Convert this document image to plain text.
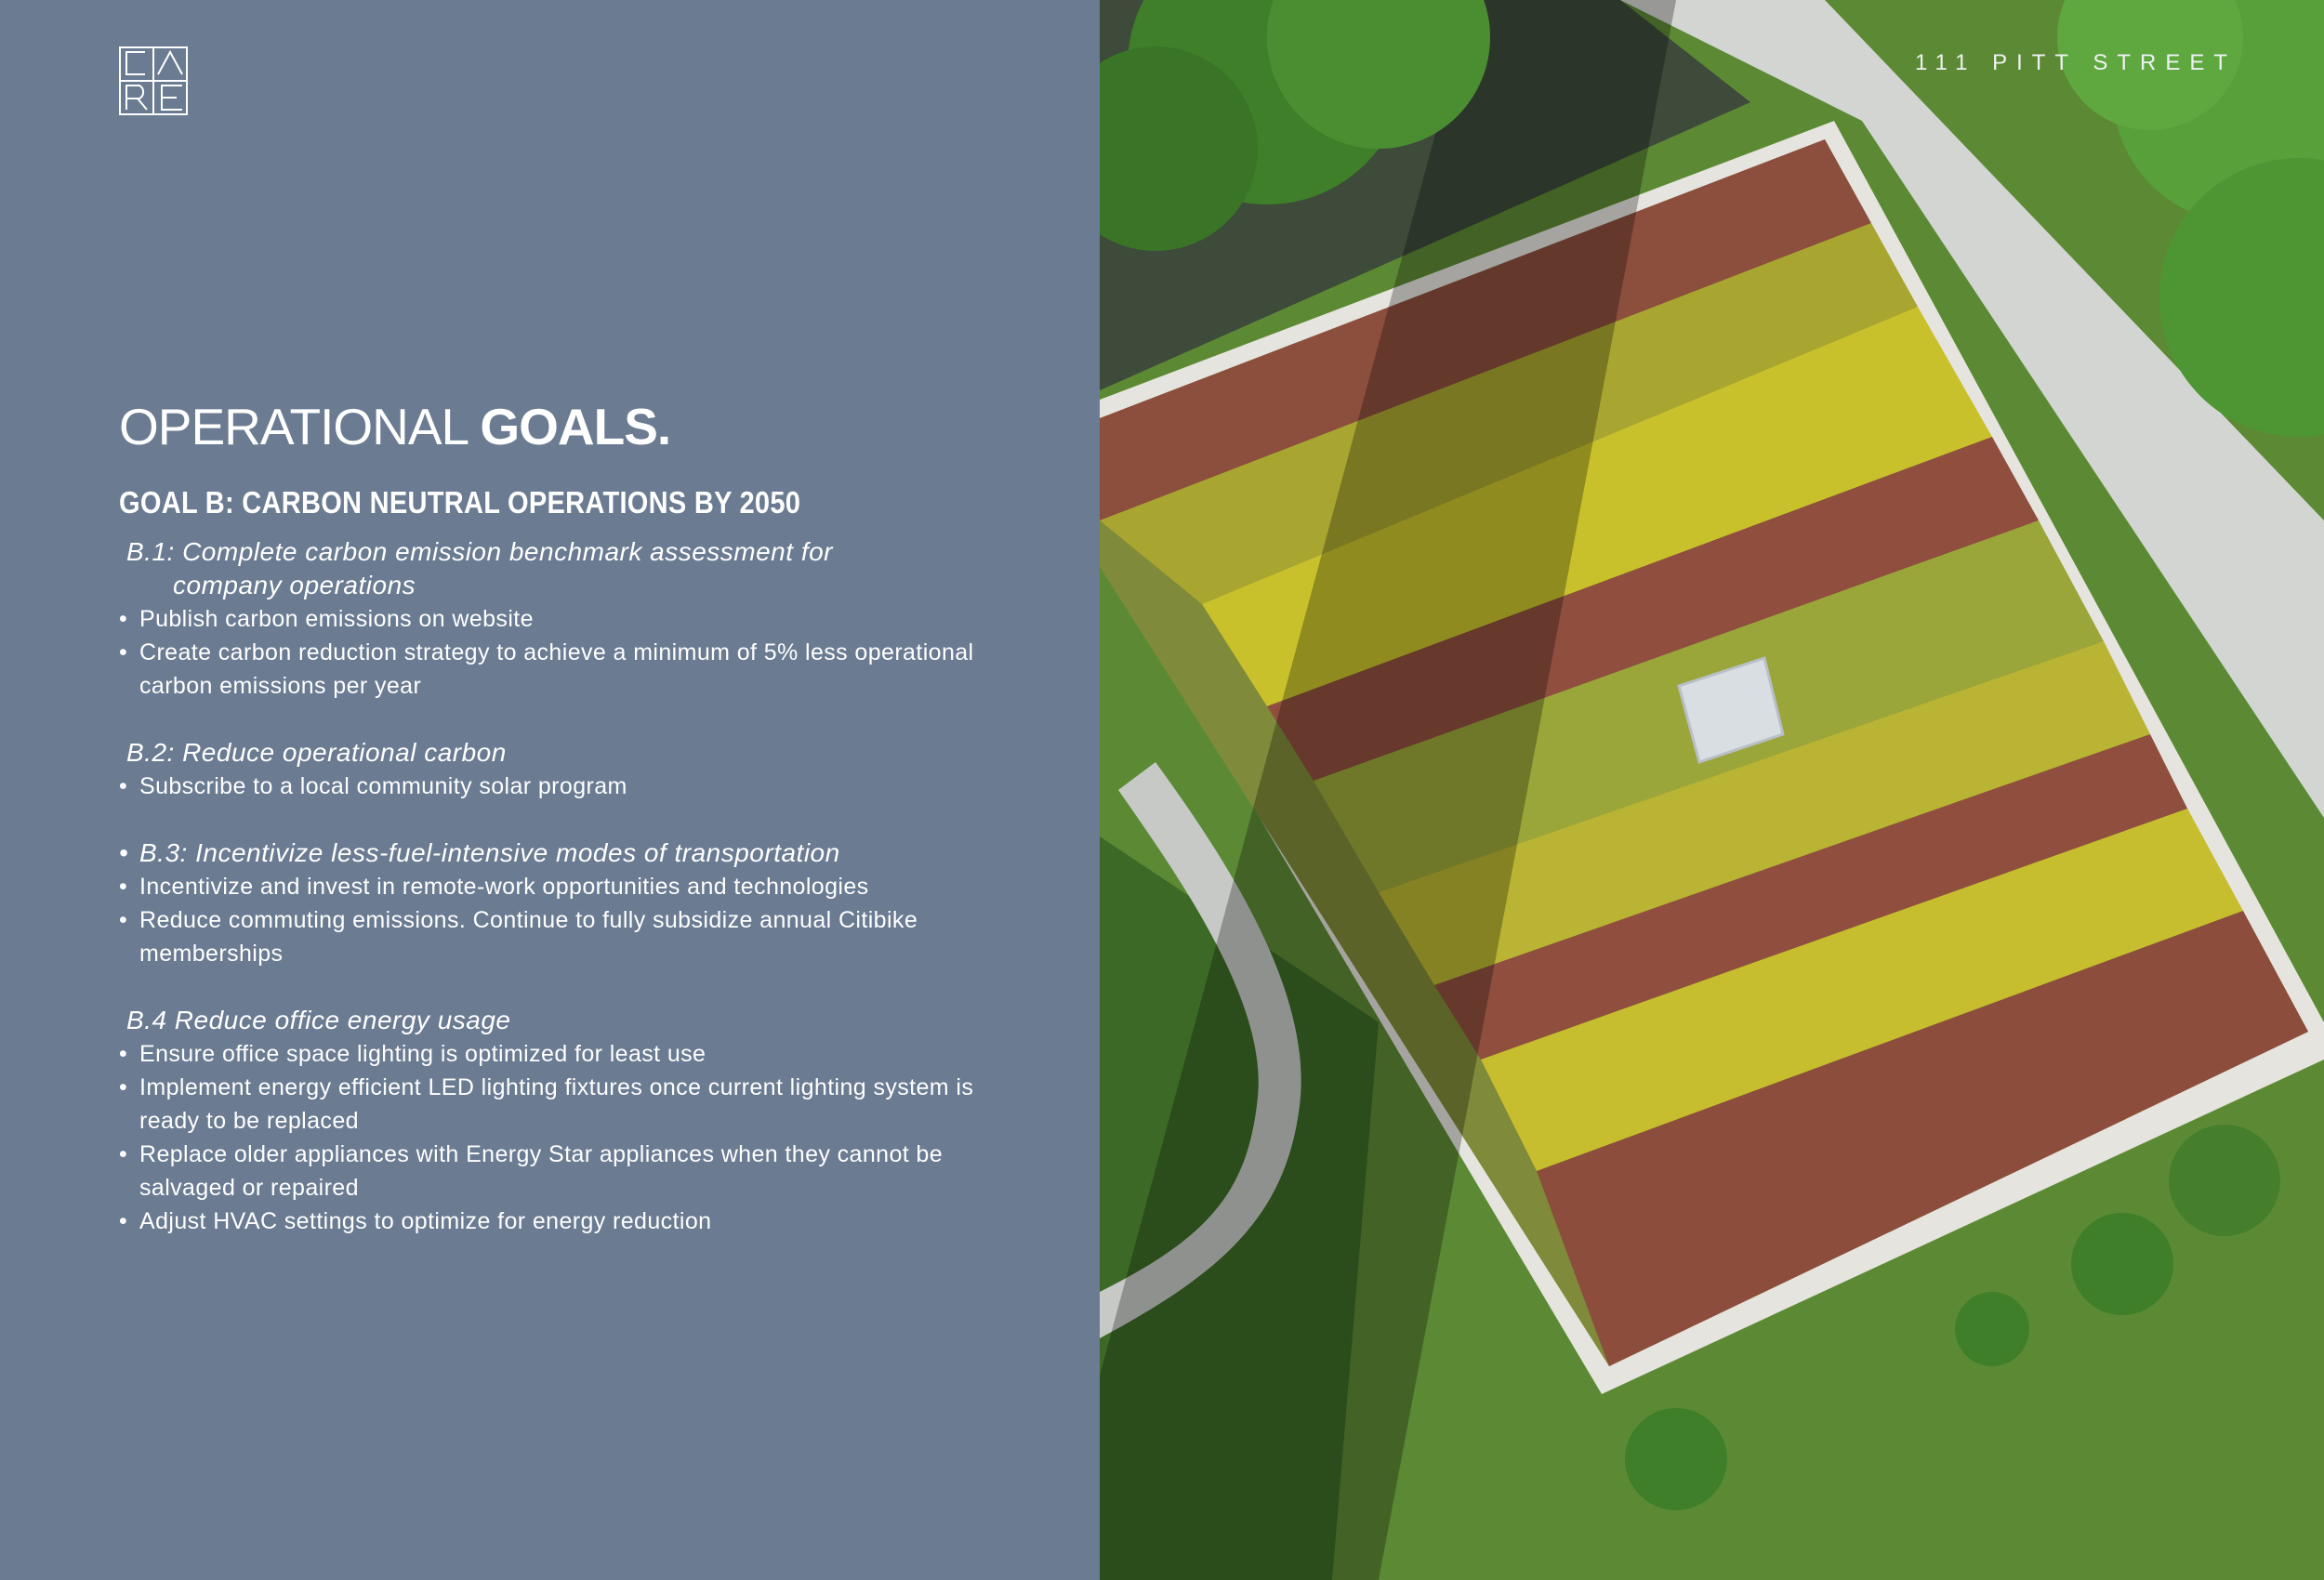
OPERATIONAL GOALS.
GOAL B: CARBON NEUTRAL OPERATIONS BY 2050
B.1: Complete carbon emission benchmark assessment for
company operations
• Publish carbon emissions on website
• Create carbon reduction strategy to achieve a minimum of 5% less operational carbon emissions per year
B.2: Reduce operational carbon
• Subscribe to a local community solar program
• B.3: Incentivize less-fuel-intensive modes of transportation
• Incentivize and invest in remote-work opportunities and technologies
• Reduce commuting emissions. Continue to fully subsidize annual Citibike memberships
B.4 Reduce office energy usage
• Ensure office space lighting is optimized for least use
• Implement energy efficient LED lighting fixtures once current lighting system is ready to be replaced
• Replace older appliances with Energy Star appliances when they cannot be salvaged or repaired
• Adjust HVAC settings to optimize for energy reduction
111 PITT STREET
